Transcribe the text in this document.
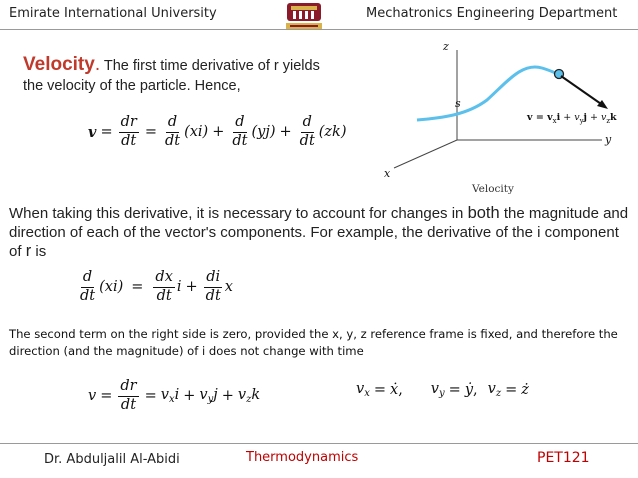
Emirate International University	Mechatronics Engineering Department
Velocity. The first time derivative of r yields
the velocity of the particle. Hence,
$v = \frac{dr}{dt} = \frac{d}{dt} (xi) + \frac{d}{dt} (yj) + \frac{d}{dt} (zk)$
z
y
x
s
$v = v_xi + v_yj + v_zk$
Velocity
When taking this derivative, it is necessary to account for changes in both the magnitude and direction of each of the vector's components. For example, the derivative of the i component of r is
$\frac{d}{dt} (xi) = \frac{dx}{dt}$ $i + \frac{di}{dt}$ x
The second term on the right side is zero, provided the x, y, z reference frame is fixed, and therefore the direction (and the magnitude) of i does not change with time
$v = \frac{dr}{dt} = v_xi + v_yj + v_zk$	$v_x$ = ẋ , $v_y$ = ẏ , $v_z$ = ż
Dr. Abduljalil Al-Abidi	Thermodynamics	PET121
